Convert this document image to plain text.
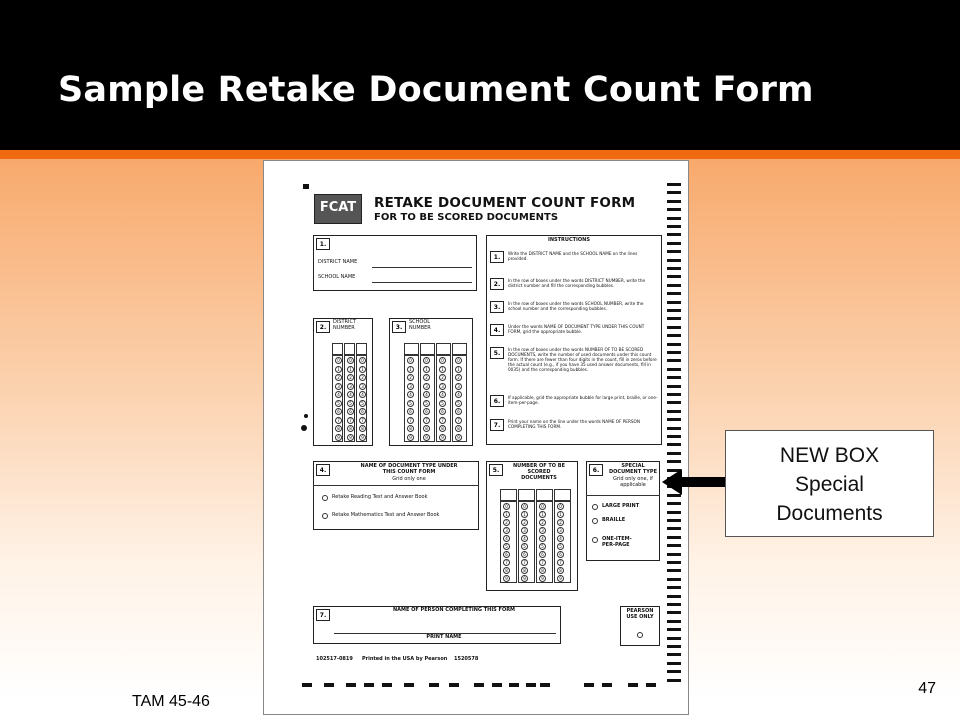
Sample Retake Document Count Form
FCAT	RETAKE DOCUMENT COUNT FORM
FOR TO BE SCORED DOCUMENTS
1.
DISTRICT NAME
SCHOOL NAME
INSTRUCTIONS
1.
Write the DISTRICT NAME and the SCHOOL NAME on the lines provided.
2.
In the row of boxes under the words DISTRICT NUMBER, write the district number and fill the corresponding bubbles.
3.
In the row of boxes under the words SCHOOL NUMBER, write the school number and the corresponding bubbles.
4.
Under the words NAME OF DOCUMENT TYPE UNDER THIS COUNT FORM, grid the appropriate bubble.
5.
In the row of boxes under the words NUMBER OF TO BE SCORED DOCUMENTS, write the number of used documents under this count form. If there are fewer than four digits in the count, fill in zeros before the actual count (e.g., if you have 35 used answer documents, fill in 0035) and the corresponding bubbles.
6.
If applicable, grid the appropriate bubble for large print, braille, or one-item-per-page.
7.
Print your name on the line under the words NAME OF PERSON COMPLETING THIS FORM.
2.
DISTRICT NUMBER
0
1
2
3
4
5
6
7
8
9
0
1
2
3
4
5
6
7
8
9
0
1
2
3
4
5
6
7
8
9
3.
SCHOOL NUMBER
0
1
2
3
4
5
6
7
8
9
0
1
2
3
4
5
6
7
8
9
0
1
2
3
4
5
6
7
8
9
0
1
2
3
4
5
6
7
8
9
4.
NAME OF DOCUMENT TYPE UNDER THIS COUNT FORM
Grid only one
Retake Reading Test and Answer Book
Retake Mathematics Test and Answer Book
5.
NUMBER OF TO BE SCORED DOCUMENTS
0
1
2
3
4
5
6
7
8
9
0
1
2
3
4
5
6
7
8
9
0
1
2
3
4
5
6
7
8
9
0
1
2
3
4
5
6
7
8
9
6.
SPECIAL DOCUMENT TYPE
Grid only one, if applicable
LARGE PRINT
BRAILLE
ONE-ITEM-PER-PAGE
7.
NAME OF PERSON COMPLETING THIS FORM
PRINT NAME
PEARSON USE ONLY
102517-0819 Printed in the USA by Pearson 1520578
NEW BOX
Special
Documents
47
TAM 45-46
